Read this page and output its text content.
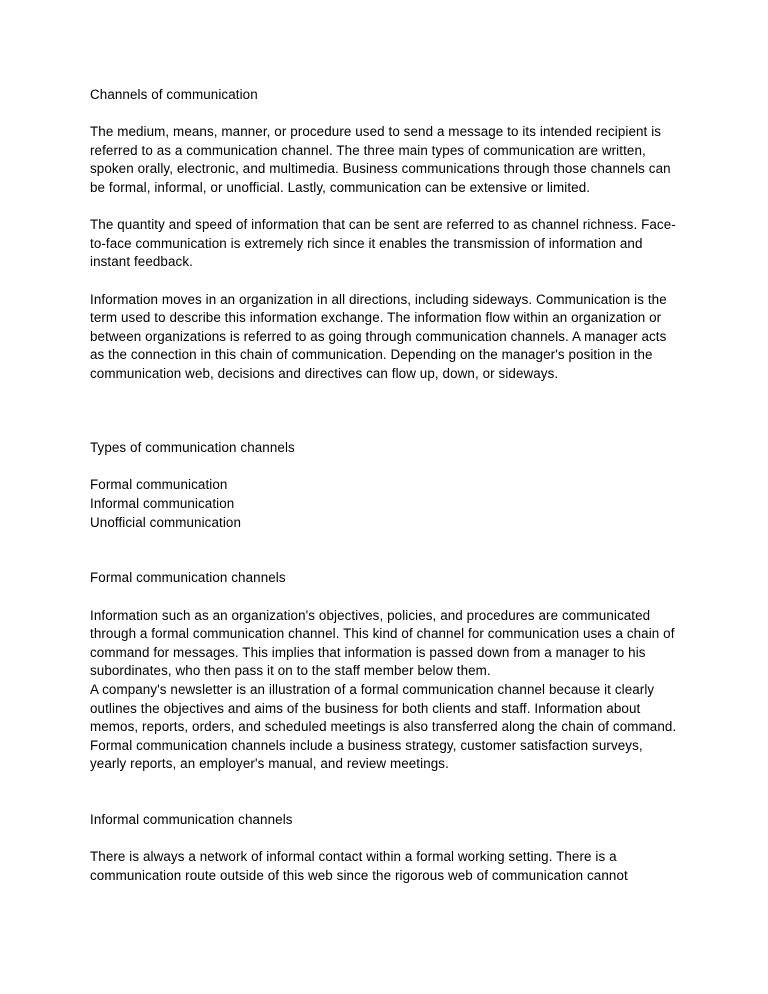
Channels of communication

The medium, means, manner, or procedure used to send a message to its intended recipient is referred to as a communication channel. The three main types of communication are written, spoken orally, electronic, and multimedia. Business communications through those channels can be formal, informal, or unofficial. Lastly, communication can be extensive or limited.

The quantity and speed of information that can be sent are referred to as channel richness. Face-to-face communication is extremely rich since it enables the transmission of information and instant feedback.

Information moves in an organization in all directions, including sideways. Communication is the term used to describe this information exchange. The information flow within an organization or between organizations is referred to as going through communication channels. A manager acts as the connection in this chain of communication. Depending on the manager's position in the communication web, decisions and directives can flow up, down, or sideways.

Types of communication channels

Formal communication

Informal communication

Unofficial communication

Formal communication channels

Information such as an organization's objectives, policies, and procedures are communicated through a formal communication channel. This kind of channel for communication uses a chain of command for messages. This implies that information is passed down from a manager to his subordinates, who then pass it on to the staff member below them.

A company's newsletter is an illustration of a formal communication channel because it clearly outlines the objectives and aims of the business for both clients and staff. Information about memos, reports, orders, and scheduled meetings is also transferred along the chain of command.

Formal communication channels include a business strategy, customer satisfaction surveys, yearly reports, an employer's manual, and review meetings.

Informal communication channels

There is always a network of informal contact within a formal working setting. There is a communication route outside of this web since the rigorous web of communication cannot
